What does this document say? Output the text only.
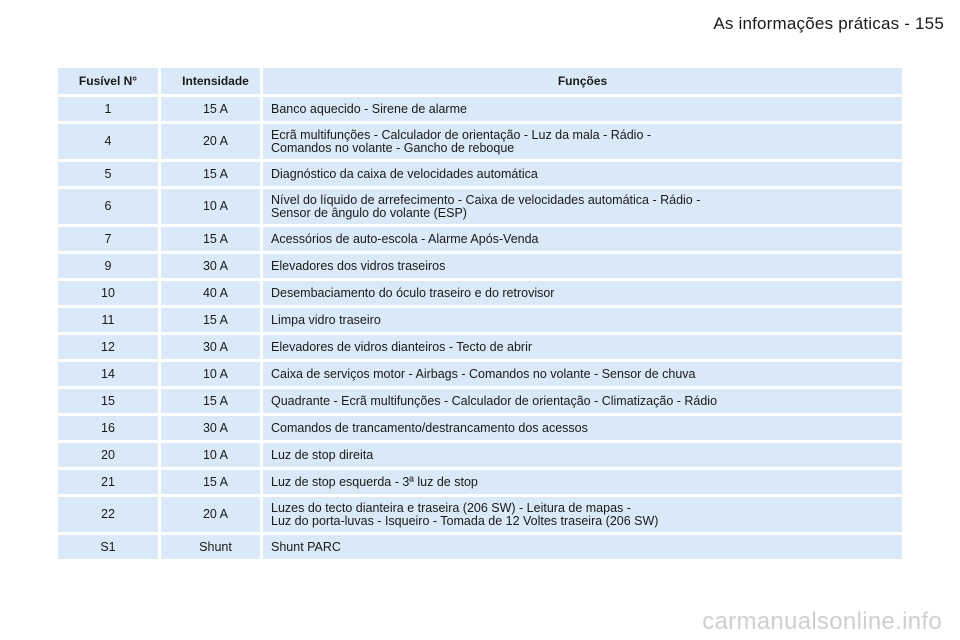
As informações práticas - 155
Fusível N°	Intensidade	Funções
1	15 A	Banco aquecido - Sirene de alarme
4	20 A	Ecrã multifunções - Calculador de orientação - Luz da mala - Rádio -
Comandos no volante - Gancho de reboque
5	15 A	Diagnóstico da caixa de velocidades automática
6	10 A	Nível do líquido de arrefecimento - Caixa de velocidades automática - Rádio -
Sensor de ângulo do volante (ESP)
7	15 A	Acessórios de auto-escola - Alarme Após-Venda
9	30 A	Elevadores dos vidros traseiros
10	40 A	Desembaciamento do óculo traseiro e do retrovisor
11	15 A	Limpa vidro traseiro
12	30 A	Elevadores de vidros dianteiros - Tecto de abrir
14	10 A	Caixa de serviços motor - Airbags - Comandos no volante - Sensor de chuva
15	15 A	Quadrante - Ecrã multifunções - Calculador de orientação - Climatização - Rádio
16	30 A	Comandos de trancamento/destrancamento dos acessos
20	10 A	Luz de stop direita
21	15 A	Luz de stop esquerda - 3ª luz de stop
22	20 A	Luzes do tecto dianteira e traseira (206 SW) - Leitura de mapas -
Luz do porta-luvas - Isqueiro - Tomada de 12 Voltes traseira (206 SW)
S1	Shunt	Shunt PARC
carmanualsonline.info
